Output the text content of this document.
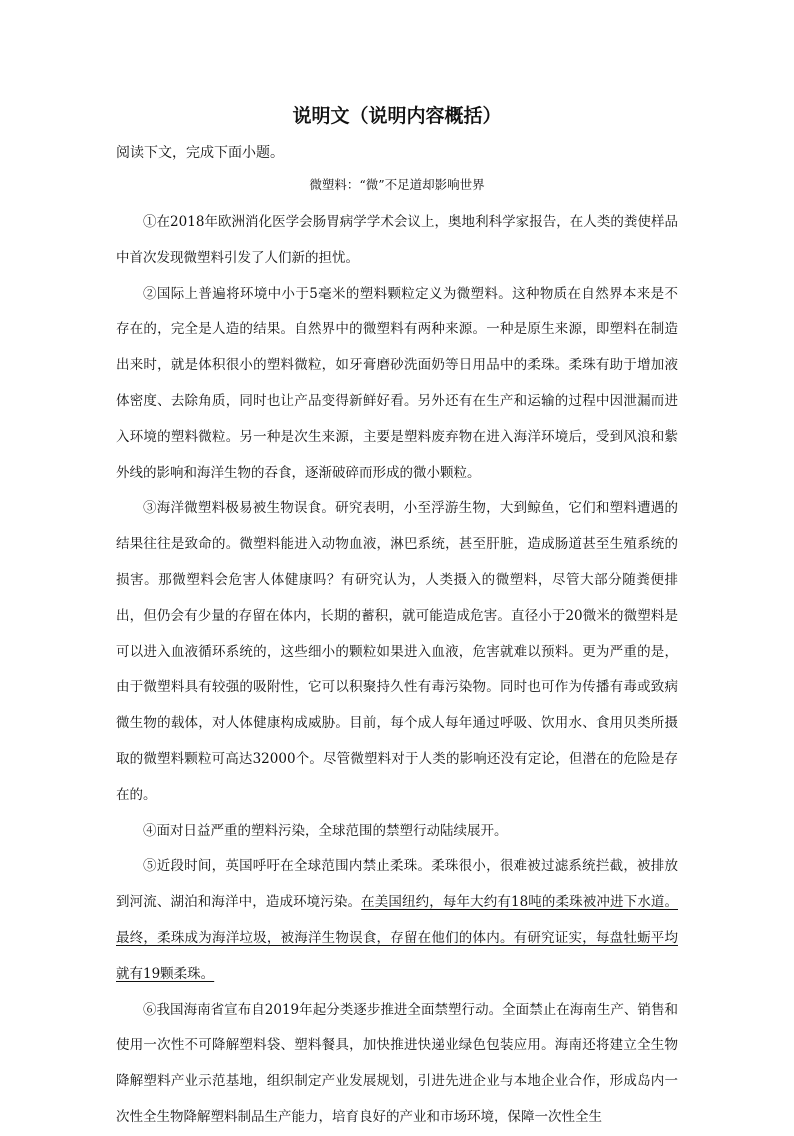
说明文（说明内容概括）

阅读下文，完成下面小题。

微塑料：“微”不足道却影响世界

①在2018年欧洲消化医学会肠胃病学学术会议上，奥地利科学家报告，在人类的粪使样品中首次发现微塑料引发了人们新的担忧。

②国际上普遍将环境中小于5毫米的塑料颗粒定义为微塑料。这种物质在自然界本来是不存在的，完全是人造的结果。自然界中的微塑料有两种来源。一种是原生来源，即塑料在制造出来时，就是体积很小的塑料微粒，如牙膏磨砂洗面奶等日用品中的柔珠。柔珠有助于增加液体密度、去除角质，同时也让产品变得新鲜好看。另外还有在生产和运输的过程中因泄漏而进入环境的塑料微粒。另一种是次生来源，主要是塑料废弃物在进入海洋环境后，受到风浪和紫外线的影响和海洋生物的吞食，逐渐破碎而形成的微小颗粒。

③海洋微塑料极易被生物误食。研究表明，小至浮游生物，大到鲸鱼，它们和塑料遭遇的结果往往是致命的。微塑料能进入动物血液，淋巴系统，甚至肝脏，造成肠道甚至生殖系统的损害。那微塑料会危害人体健康吗？有研究认为，人类摄入的微塑料，尽管大部分随粪便排出，但仍会有少量的存留在体内，长期的蓄积，就可能造成危害。直径小于20微米的微塑料是可以进入血液循环系统的，这些细小的颗粒如果进入血液，危害就难以预料。更为严重的是，由于微塑料具有较强的吸附性，它可以积聚持久性有毒污染物。同时也可作为传播有毒或致病微生物的载体，对人体健康构成威胁。目前，每个成人每年通过呼吸、饮用水、食用贝类所摄取的微塑料颗粒可高达32000个。尽管微塑料对于人类的影响还没有定论，但潜在的危险是存在的。

④面对日益严重的塑料污染，全球范围的禁塑行动陆续展开。

⑤近段时间，英国呼吁在全球范围内禁止柔珠。柔珠很小，很难被过滤系统拦截，被排放到河流、湖泊和海洋中，造成环境污染。在美国纽约，每年大约有18吨的柔珠被冲进下水道。最终，柔珠成为海洋垃圾，被海洋生物误食，存留在他们的体内。有研究证实，每盘牡蛎平均就有19颗柔珠。

⑥我国海南省宣布自2019年起分类逐步推进全面禁塑行动。全面禁止在海南生产、销售和使用一次性不可降解塑料袋、塑料餐具，加快推进快递业绿色包装应用。海南还将建立全生物降解塑料产业示范基地，组织制定产业发展规划，引进先进企业与本地企业合作，形成岛内一次性全生物降解塑料制品生产能力，培育良好的产业和市场环境，保障一次性全生
